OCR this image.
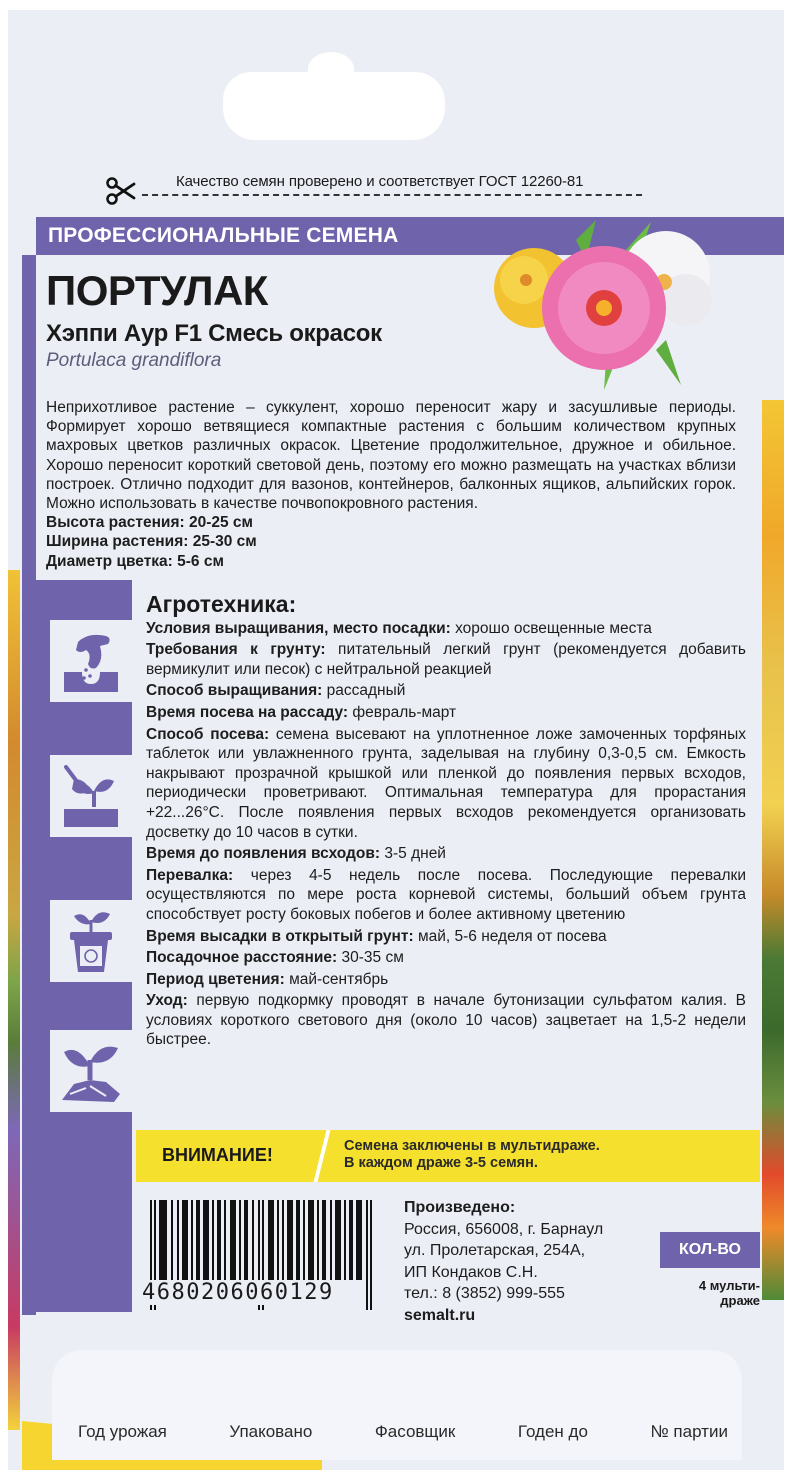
Качество семян проверено и соответствует ГОСТ 12260-81
ПРОФЕССИОНАЛЬНЫЕ СЕМЕНА
ПОРТУЛАК
Хэппи Аур F1 Смесь окрасок
Portulaca grandiflora
Неприхотливое растение – суккулент, хорошо переносит жару и засушливые периоды. Формирует хорошо ветвящиеся компактные растения с большим количеством крупных махровых цветков различных окрасок. Цветение продолжительное, дружное и обильное. Хорошо переносит короткий световой день, поэтому его можно размещать на участках вблизи построек. Отлично подходит для вазонов, контейнеров, балконных ящиков, альпийских горок. Можно использовать в качестве почвопокровного растения.
Высота растения: 20-25 см
Ширина растения: 25-30 см
Диаметр цветка: 5-6 см
Агротехника:

Условия выращивания, место посадки: хорошо освещенные места

Требования к грунту: питательный легкий грунт (рекомендуется добавить вермикулит или песок) с нейтральной реакцией

Способ выращивания: рассадный

Время посева на рассаду: февраль-март

Способ посева: семена высевают на уплотненное ложе замоченных торфяных таблеток или увлажненного грунта, заделывая на глубину 0,3-0,5 см. Емкость накрывают прозрачной крышкой или пленкой до появления первых всходов, периодически проветривают. Оптимальная температура для прорастания +22...26°С. После появления первых всходов рекомендуется организовать досветку до 10 часов в сутки.

Время до появления всходов: 3-5 дней

Перевалка: через 4-5 недель после посева. Последующие перевалки осуществляются по мере роста корневой системы, больший объем грунта способствует росту боковых побегов и более активному цветению

Время высадки в открытый грунт: май, 5-6 неделя от посева

Посадочное расстояние: 30-35 см

Период цветения: май-сентябрь

Уход: первую подкормку проводят в начале бутонизации сульфатом калия. В условиях короткого светового дня (около 10 часов) зацветает на 1,5-2 недели быстрее.

ВНИМАНИЕ!	Семена заключены в мультидраже.
В каждом драже 3-5 семян.
4680206060129
Произведено:
Россия, 656008, г. Барнаул
ул. Пролетарская, 254А,
ИП Кондаков С.Н.
тел.: 8 (3852) 999-555
semalt.ru
КОЛ-ВО
4 мульти-
драже
Год урожая	Упаковано	Фасовщик	Годен до	№ партии
